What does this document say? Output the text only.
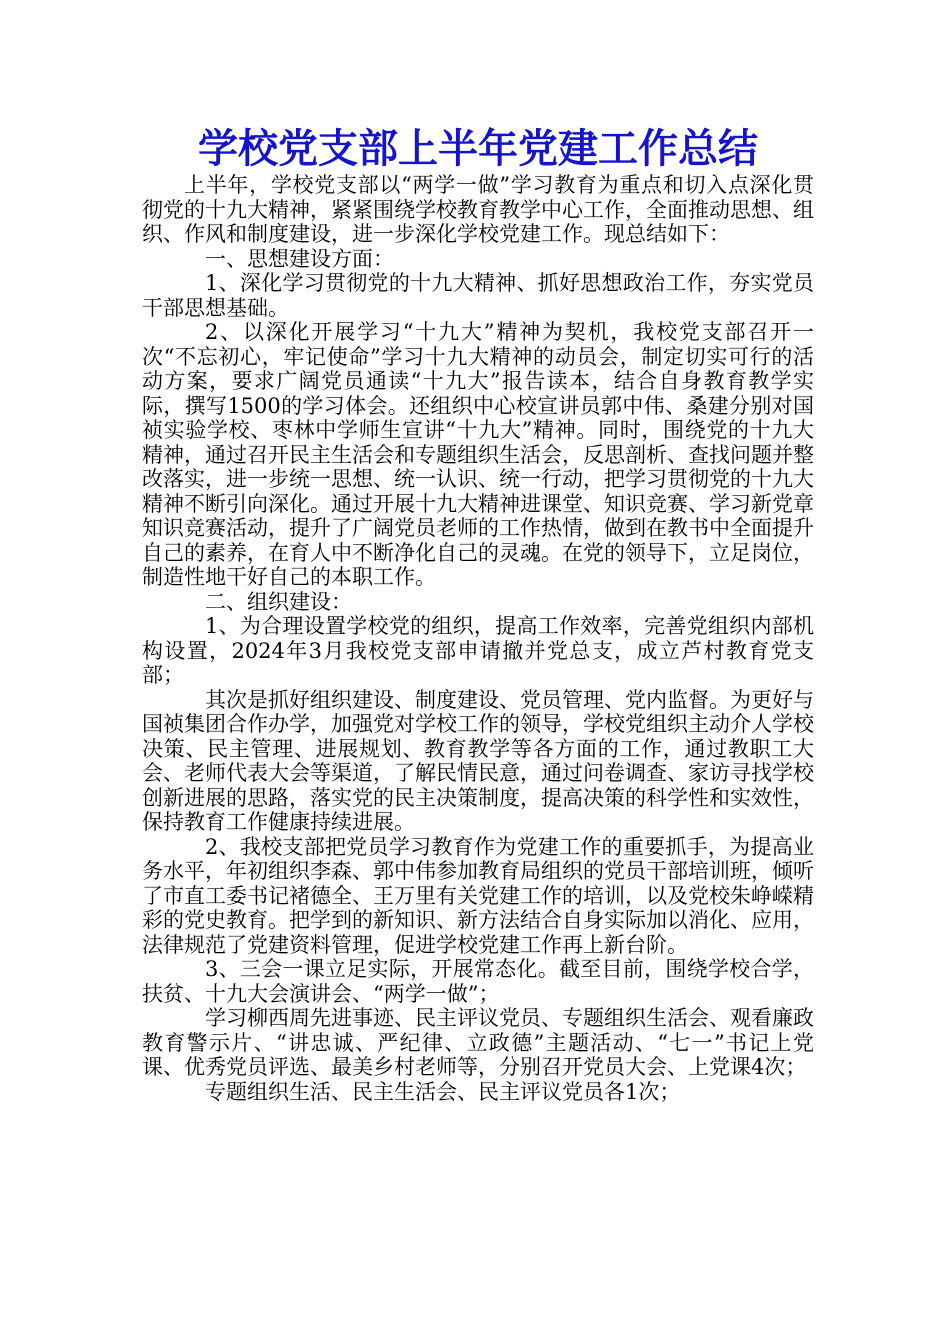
学校党支部上半年党建工作总结

上半年，学校党支部以“两学一做”学习教育为重点和切入点深化贯彻党的十九大精神，紧紧围绕学校教育教学中心工作，全面推动思想、组织、作风和制度建设，进一步深化学校党建工作。现总结如下：

一、思想建设方面：

1、深化学习贯彻党的十九大精神、抓好思想政治工作，夯实党员干部思想基础。

2、以深化开展学习“十九大”精神为契机，我校党支部召开一次“不忘初心，牢记使命”学习十九大精神的动员会，制定切实可行的活动方案，要求广阔党员通读“十九大”报告读本，结合自身教育教学实际，撰写1500的学习体会。还组织中心校宣讲员郭中伟、桑建分别对国祯实验学校、枣林中学师生宣讲“十九大”精神。同时，围绕党的十九大精神，通过召开民主生活会和专题组织生活会，反思剖析、查找问题并整改落实，进一步统一思想、统一认识、统一行动，把学习贯彻党的十九大精神不断引向深化。通过开展十九大精神进课堂、知识竞赛、学习新党章知识竞赛活动，提升了广阔党员老师的工作热情，做到在教书中全面提升自己的素养，在育人中不断净化自己的灵魂。在党的领导下，立足岗位，制造性地干好自己的本职工作。

二、组织建设：

1、为合理设置学校党的组织，提高工作效率，完善党组织内部机构设置，2024年3月我校党支部申请撤并党总支，成立芦村教育党支部；

其次是抓好组织建设、制度建设、党员管理、党内监督。为更好与国祯集团合作办学，加强党对学校工作的领导，学校党组织主动介人学校决策、民主管理、进展规划、教育教学等各方面的工作，通过教职工大会、老师代表大会等渠道，了解民情民意，通过问卷调查、家访寻找学校创新进展的思路，落实党的民主决策制度，提高决策的科学性和实效性，保持教育工作健康持续进展。

2、我校支部把党员学习教育作为党建工作的重要抓手，为提高业务水平，年初组织李森、郭中伟参加教育局组织的党员干部培训班，倾听了市直工委书记褚德全、王万里有关党建工作的培训，以及党校朱峥嵘精彩的党史教育。把学到的新知识、新方法结合自身实际加以消化、应用，法律规范了党建资料管理，促进学校党建工作再上新台阶。

3、三会一课立足实际，开展常态化。截至目前，围绕学校合学，扶贫、十九大会演讲会、“两学一做”；

学习柳西周先进事迹、民主评议党员、专题组织生活会、观看廉政教育警示片、“讲忠诚、严纪律、立政德”主题活动、“七一”书记上党课、优秀党员评选、最美乡村老师等，分别召开党员大会、上党课4次；

专题组织生活、民主生活会、民主评议党员各1次；
